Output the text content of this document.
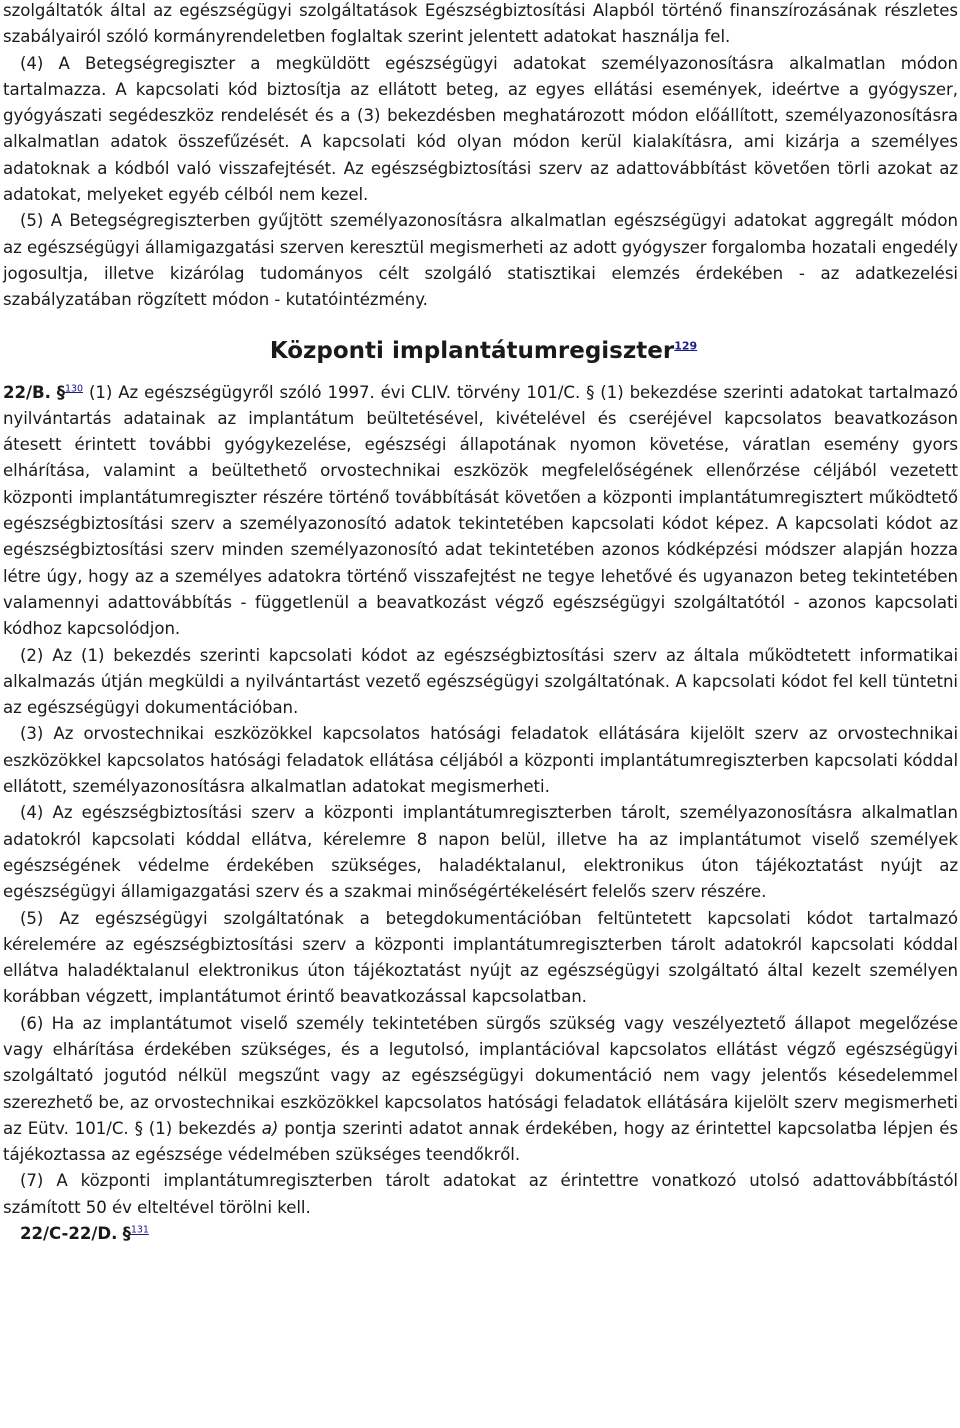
szolgáltatók által az egészségügyi szolgáltatások Egészségbiztosítási Alapból történő finanszírozásának részletes szabályairól szóló kormányrendeletben foglaltak szerint jelentett adatokat használja fel.

(4) A Betegségregiszter a megküldött egészségügyi adatokat személyazonosításra alkalmatlan módon tartalmazza. A kapcsolati kód biztosítja az ellátott beteg, az egyes ellátási események, ideértve a gyógyszer, gyógyászati segédeszköz rendelését és a (3) bekezdésben meghatározott módon előállított, személyazonosításra alkalmatlan adatok összefűzését. A kapcsolati kód olyan módon kerül kialakításra, ami kizárja a személyes adatoknak a kódból való visszafejtését. Az egészségbiztosítási szerv az adattovábbítást követően törli azokat az adatokat, melyeket egyéb célból nem kezel.

(5) A Betegségregiszterben gyűjtött személyazonosításra alkalmatlan egészségügyi adatokat aggregált módon az egészségügyi államigazgatási szerven keresztül megismerheti az adott gyógyszer forgalomba hozatali engedély jogosultja, illetve kizárólag tudományos célt szolgáló statisztikai elemzés érdekében - az adatkezelési szabályzatában rögzített módon - kutatóintézmény.

Központi implantátumregiszter$^{129}$

22/B. §$^{130}$ (1) Az egészségügyről szóló 1997. évi CLIV. törvény 101/C. § (1) bekezdése szerinti adatokat tartalmazó nyilvántartás adatainak az implantátum beültetésével, kivételével és cseréjével kapcsolatos beavatkozáson átesett érintett további gyógykezelése, egészségi állapotának nyomon követése, váratlan esemény gyors elhárítása, valamint a beültethető orvostechnikai eszközök megfelelőségének ellenőrzése céljából vezetett központi implantátumregiszter részére történő továbbítását követően a központi implantátumregisztert működtető egészségbiztosítási szerv a személyazonosító adatok tekintetében kapcsolati kódot képez. A kapcsolati kódot az egészségbiztosítási szerv minden személyazonosító adat tekintetében azonos kódképzési módszer alapján hozza létre úgy, hogy az a személyes adatokra történő visszafejtést ne tegye lehetővé és ugyanazon beteg tekintetében valamennyi adattovábbítás - függetlenül a beavatkozást végző egészségügyi szolgáltatótól - azonos kapcsolati kódhoz kapcsolódjon.

(2) Az (1) bekezdés szerinti kapcsolati kódot az egészségbiztosítási szerv az általa működtetett informatikai alkalmazás útján megküldi a nyilvántartást vezető egészségügyi szolgáltatónak. A kapcsolati kódot fel kell tüntetni az egészségügyi dokumentációban.

(3) Az orvostechnikai eszközökkel kapcsolatos hatósági feladatok ellátására kijelölt szerv az orvostechnikai eszközökkel kapcsolatos hatósági feladatok ellátása céljából a központi implantátumregiszterben kapcsolati kóddal ellátott, személyazonosításra alkalmatlan adatokat megismerheti.

(4) Az egészségbiztosítási szerv a központi implantátumregiszterben tárolt, személyazonosításra alkalmatlan adatokról kapcsolati kóddal ellátva, kérelemre 8 napon belül, illetve ha az implantátumot viselő személyek egészségének védelme érdekében szükséges, haladéktalanul, elektronikus úton tájékoztatást nyújt az egészségügyi államigazgatási szerv és a szakmai minőségértékelésért felelős szerv részére.

(5) Az egészségügyi szolgáltatónak a betegdokumentációban feltüntetett kapcsolati kódot tartalmazó kérelemére az egészségbiztosítási szerv a központi implantátumregiszterben tárolt adatokról kapcsolati kóddal ellátva haladéktalanul elektronikus úton tájékoztatást nyújt az egészségügyi szolgáltató által kezelt személyen korábban végzett, implantátumot érintő beavatkozással kapcsolatban.

(6) Ha az implantátumot viselő személy tekintetében sürgős szükség vagy veszélyeztető állapot megelőzése vagy elhárítása érdekében szükséges, és a legutolsó, implantációval kapcsolatos ellátást végző egészségügyi szolgáltató jogutód nélkül megszűnt vagy az egészségügyi dokumentáció nem vagy jelentős késedelemmel szerezhető be, az orvostechnikai eszközökkel kapcsolatos hatósági feladatok ellátására kijelölt szerv megismerheti az Eütv. 101/C. § (1) bekezdés a) pontja szerinti adatot annak érdekében, hogy az érintettel kapcsolatba lépjen és tájékoztassa az egészsége védelmében szükséges teendőkről.

(7) A központi implantátumregiszterben tárolt adatokat az érintettre vonatkozó utolsó adattovábbítástól számított 50 év elteltével törölni kell.

22/C-22/D. §$^{131}$
